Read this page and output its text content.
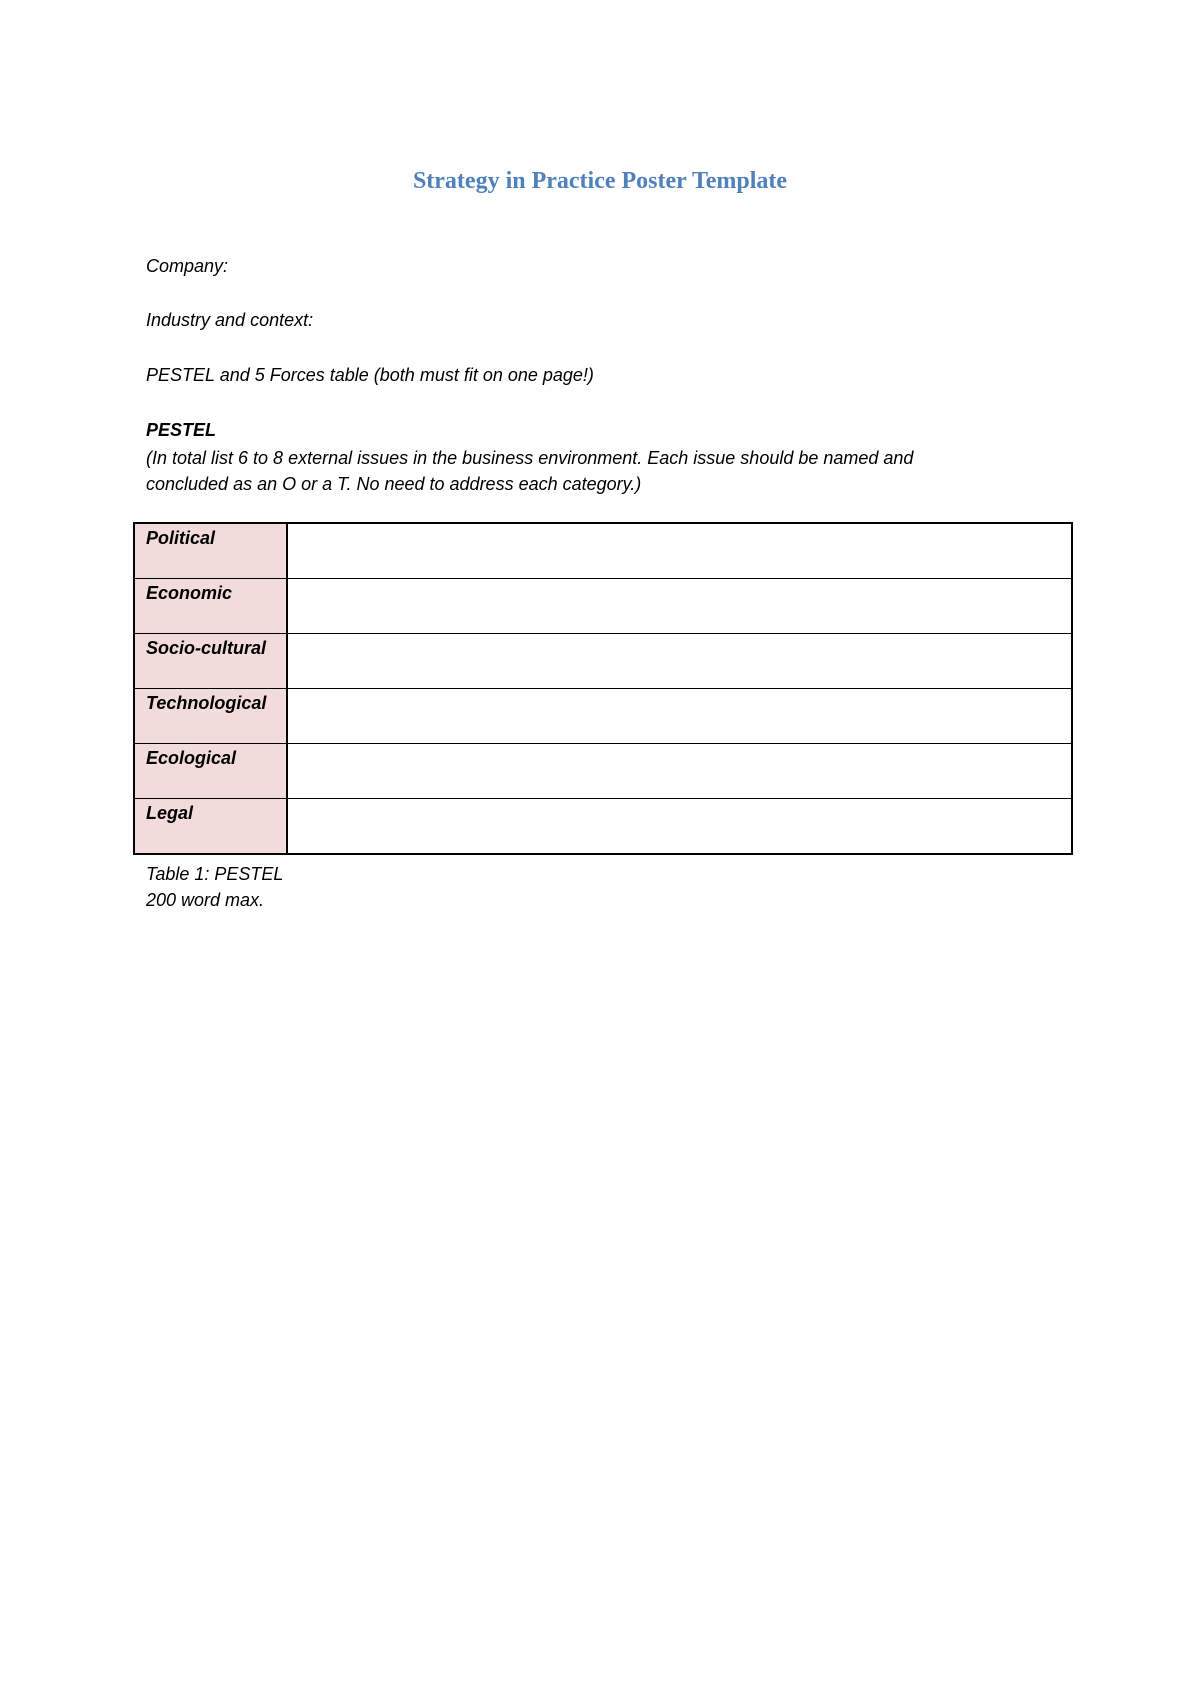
Strategy in Practice Poster Template
Company:
Industry and context:
PESTEL and 5 Forces table (both must fit on one page!)
PESTEL
(In total list 6 to 8 external issues in the business environment. Each issue should be named and
concluded as an O or a T. No need to address each category.)
Political	
Economic	
Socio-cultural	
Technological	
Ecological	
Legal	
Table 1: PESTEL
200 word max.
